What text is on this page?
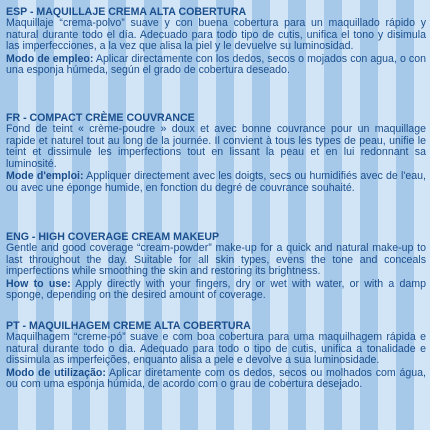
ESP - MAQUILLAJE CREMA ALTA COBERTURA
Maquillaje “crema-polvo” suave y con buena cobertura para un maquillado rápido y natural durante todo el día. Adecuado para todo tipo de cutis, unifica el tono y disimula las imperfecciones, a la vez que alisa la piel y le devuelve su luminosidad.
Modo de empleo: Aplicar directamente con los dedos, secos o mojados con agua, o con una esponja húmeda, según el grado de cobertura deseado.
FR - COMPACT CRÈME COUVRANCE
Fond de teint « crème-poudre » doux et avec bonne couvrance pour un maquillage rapide et naturel tout au long de la journée. Il convient à tous les types de peau, unifie le teint et dissimule les imperfections tout en lissant la peau et en lui redonnant sa luminosité.
Mode d'emploi: Appliquer directement avec les doigts, secs ou humidifiés avec de l'eau, ou avec une éponge humide, en fonction du degré de couvrance souhaité.
ENG - HIGH COVERAGE CREAM MAKEUP
Gentle and good coverage “cream-powder” make-up for a quick and natural make-up to last throughout the day. Suitable for all skin types, evens the tone and conceals imperfections while smoothing the skin and restoring its brightness.
How to use: Apply directly with your fingers, dry or wet with water, or with a damp sponge, depending on the desired amount of coverage.
PT - MAQUILHAGEM CREME ALTA COBERTURA
Maquilhagem “creme-pó” suave e com boa cobertura para uma maquilhagem rápida e natural durante todo o dia. Adequado para todo o tipo de cutis, unifica a tonalidade e dissimula as imperfeições, enquanto alisa a pele e devolve a sua luminosidade.
Modo de utilização: Aplicar diretamente com os dedos, secos ou molhados com água, ou com uma esponja húmida, de acordo com o grau de cobertura desejado.
